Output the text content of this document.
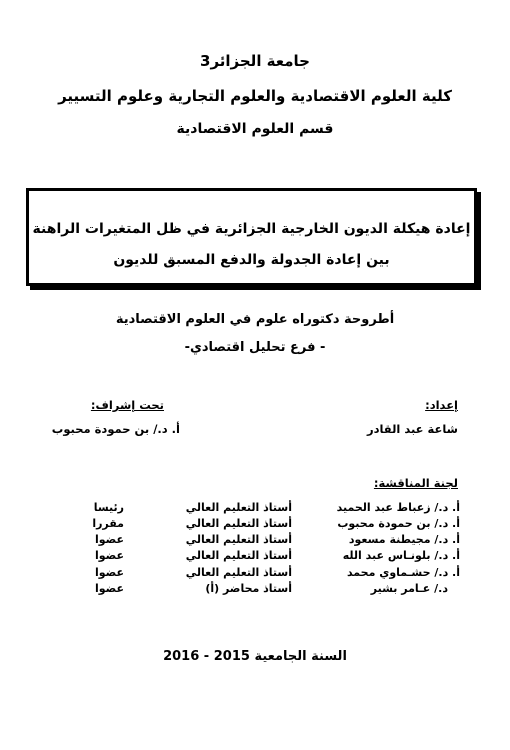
جامعة الجزائر3
كلية العلوم الاقتصادية والعلوم التجارية وعلوم التسيير
قسم العلوم الاقتصادية
إعادة هيكلة الديون الخارجية الجزائرية في ظل المتغيرات الراهنة
بين إعادة الجدولة والدفع المسبق للديون
أطروحة دكتوراه علوم في العلوم الاقتصادية
- فرع تحليل اقتصادي-
إعداد:
شاعة عبد القادر
تحت إشراف:
أ. د./ بن حمودة محبوب
لجنة المناقشة:
أ. د./ زعباط عبد الحميد
أستاذ التعليم العالي
رئيسا
أ. د./ بن حمودة محبوب
أستاذ التعليم العالي
مقررا
أ. د./ مجيطنة مسعود
أستاذ التعليم العالي
عضوا
أ. د./ بلونـاس عبد الله
أستاذ التعليم العالي
عضوا
أ. د./ حشـماوي محمد
أستاذ التعليم العالي
عضوا
د./ عـامر بشير
أستاذ محاضر (أ)
عضوا
السنة الجامعية 2015 - 2016
